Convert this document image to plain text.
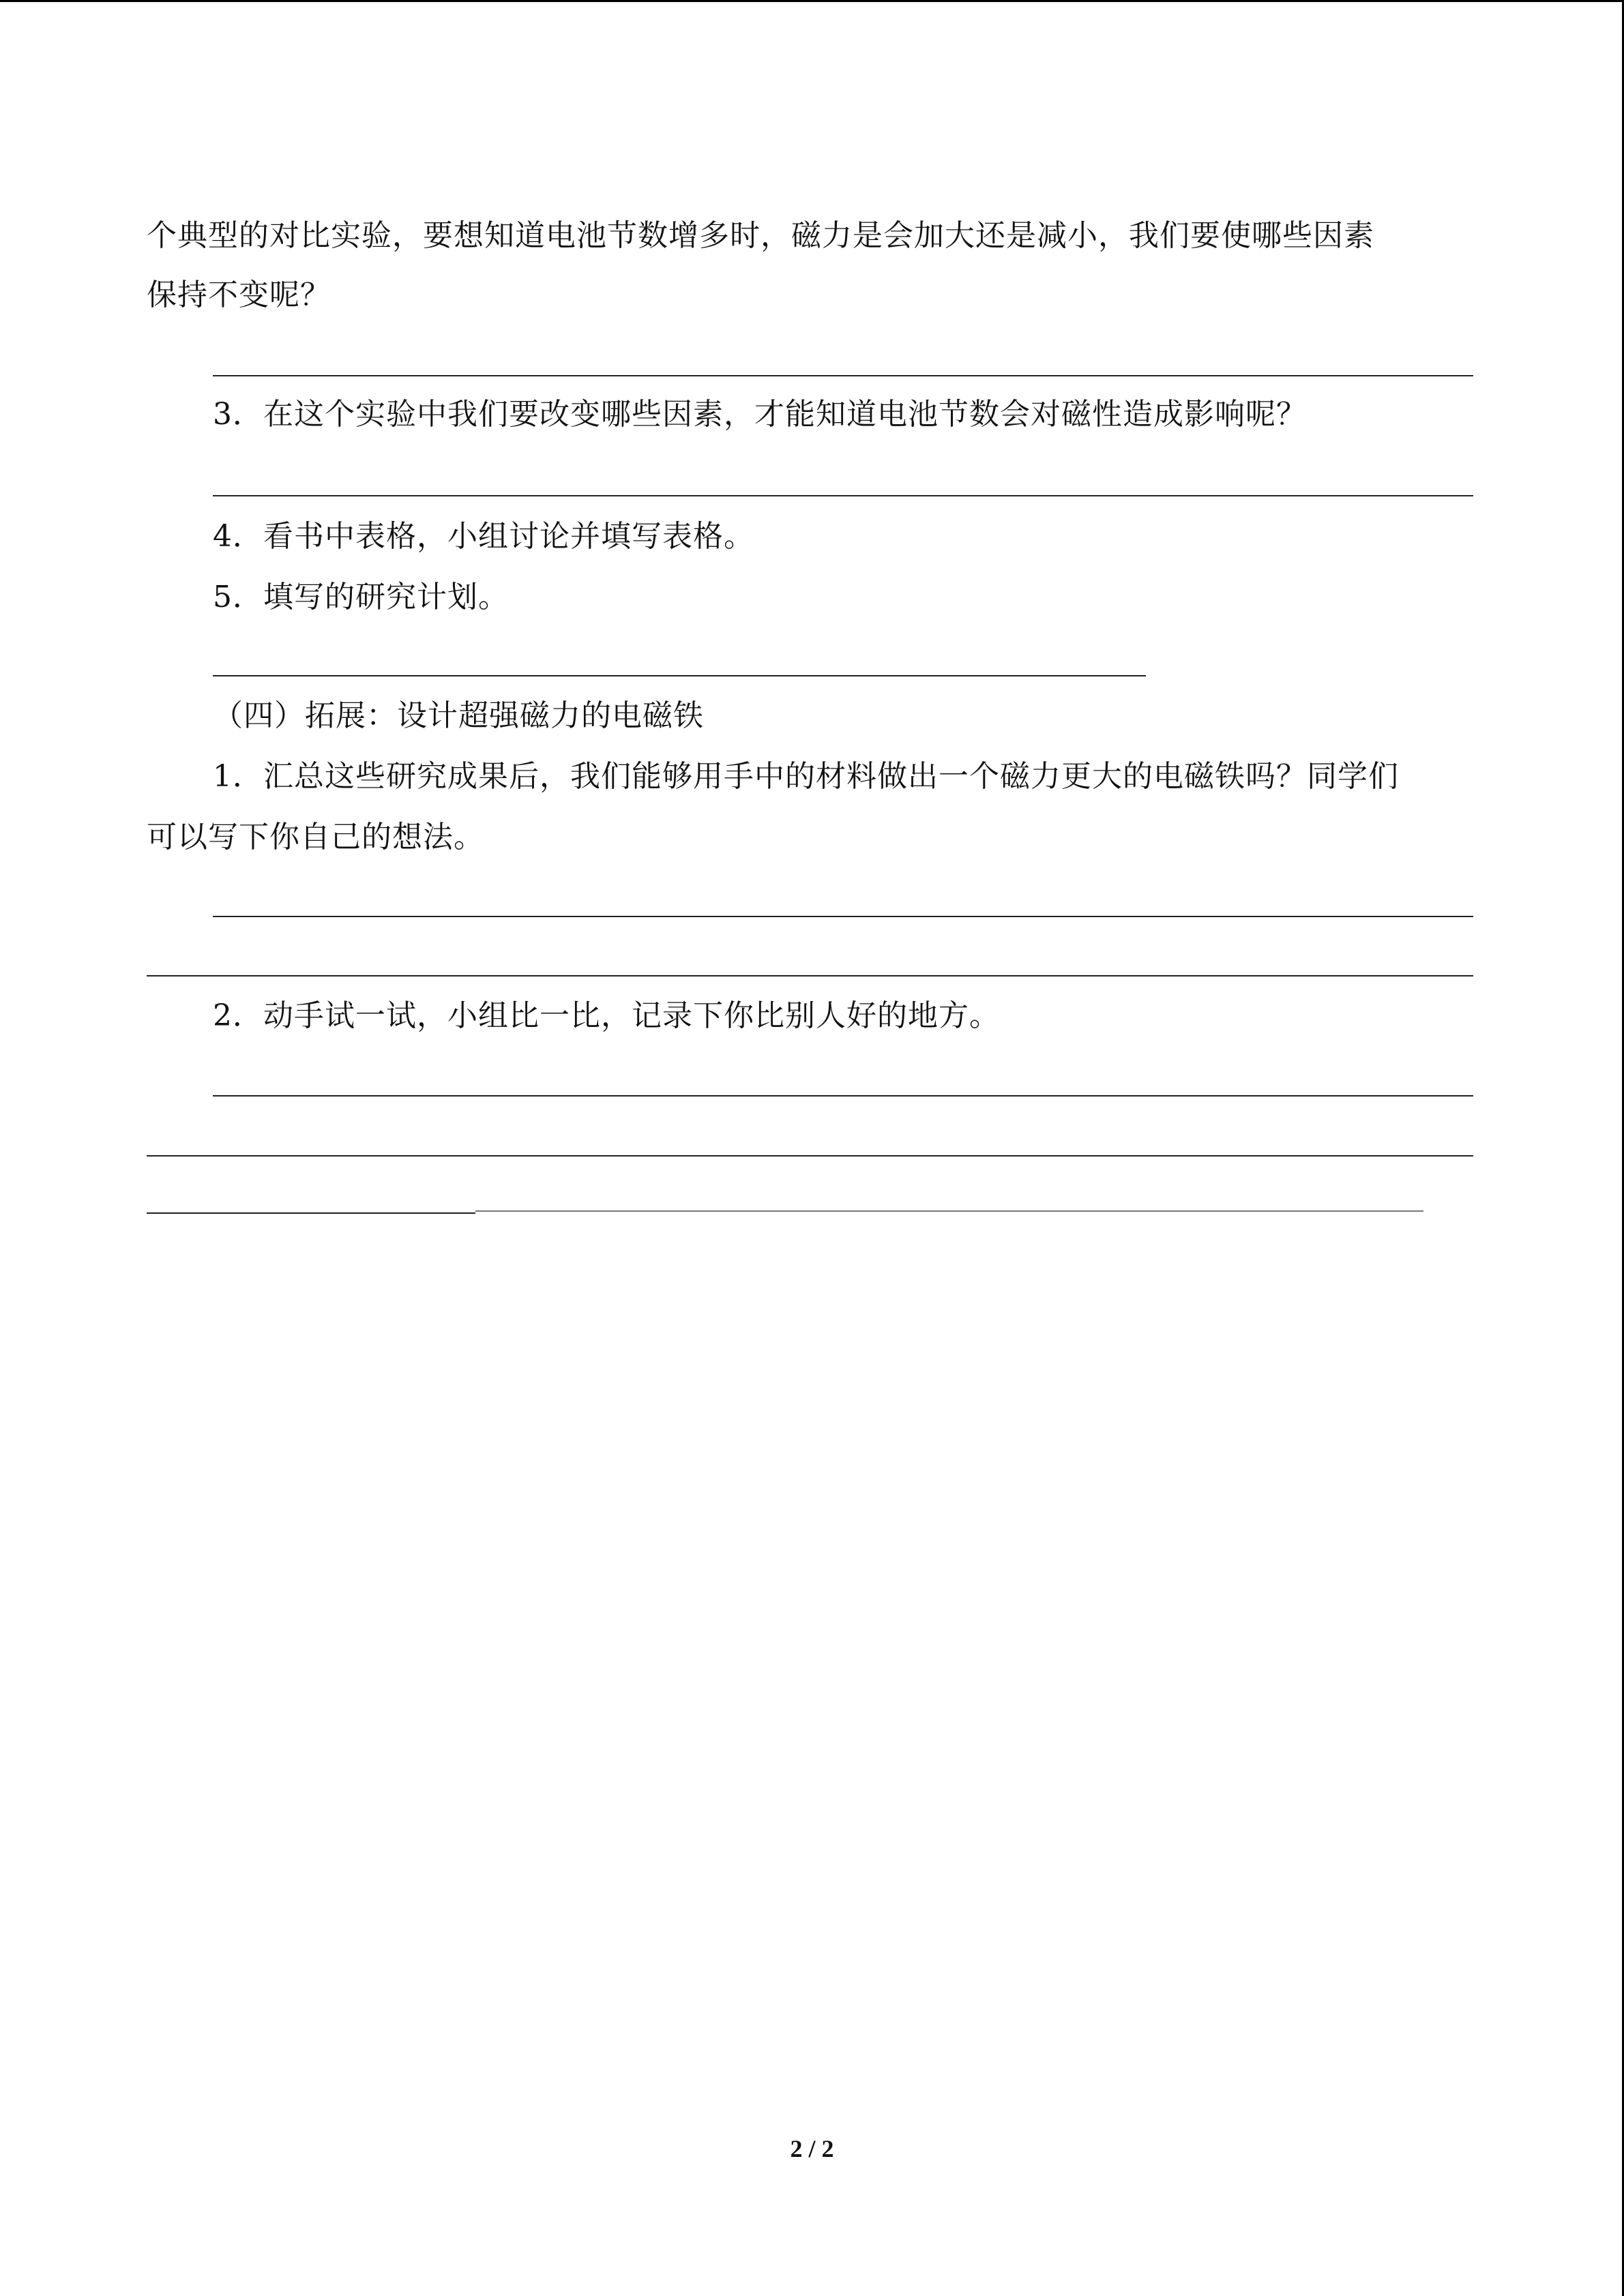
个典型的对比实验，要想知道电池节数增多时，磁力是会加大还是减小，我们要使哪些因素
保持不变呢？
3．在这个实验中我们要改变哪些因素，才能知道电池节数会对磁性造成影响呢？
4．看书中表格，小组讨论并填写表格。
5．填写的研究计划。
（四）拓展：设计超强磁力的电磁铁
1．汇总这些研究成果后，我们能够用手中的材料做出一个磁力更大的电磁铁吗？同学们
可以写下你自己的想法。
2．动手试一试，小组比一比，记录下你比别人好的地方。
2 / 2
